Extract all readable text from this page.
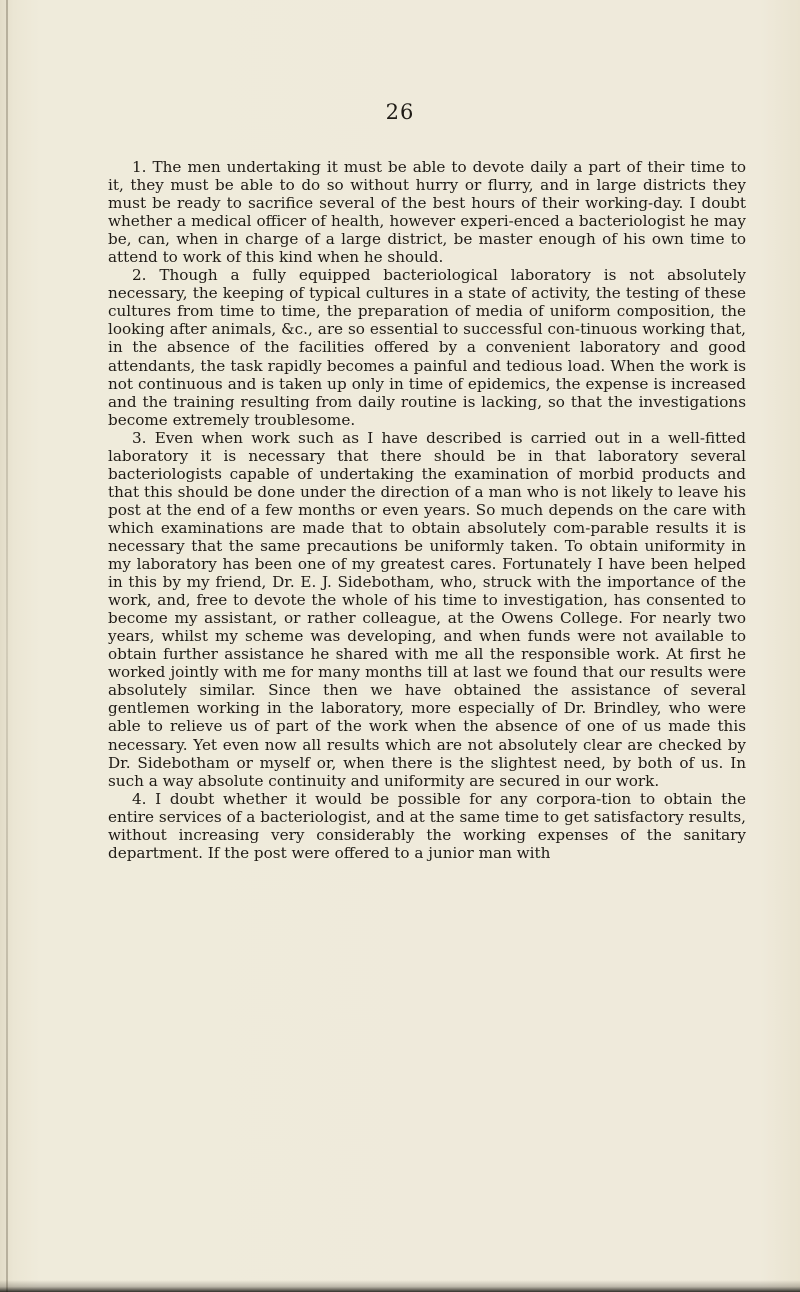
26

1. The men undertaking it must be able to devote daily a part of their time to it, they must be able to do so without hurry or flurry, and in large districts they must be ready to sacrifice several of the best hours of their working-day. I doubt whether a medical officer of health, however experi-enced a bacteriologist he may be, can, when in charge of a large district, be master enough of his own time to attend to work of this kind when he should.

2. Though a fully equipped bacteriological laboratory is not absolutely necessary, the keeping of typical cultures in a state of activity, the testing of these cultures from time to time, the preparation of media of uniform composition, the looking after animals, &c., are so essential to successful con-tinuous working that, in the absence of the facilities offered by a convenient laboratory and good attendants, the task rapidly becomes a painful and tedious load. When the work is not continuous and is taken up only in time of epidemics, the expense is increased and the training resulting from daily routine is lacking, so that the investigations become extremely troublesome.

3. Even when work such as I have described is carried out in a well-fitted laboratory it is necessary that there should be in that laboratory several bacteriologists capable of undertaking the examination of morbid products and that this should be done under the direction of a man who is not likely to leave his post at the end of a few months or even years. So much depends on the care with which examinations are made that to obtain absolutely com-parable results it is necessary that the same precautions be uniformly taken. To obtain uniformity in my laboratory has been one of my greatest cares. Fortunately I have been helped in this by my friend, Dr. E. J. Sidebotham, who, struck with the importance of the work, and, free to devote the whole of his time to investigation, has consented to become my assistant, or rather colleague, at the Owens College. For nearly two years, whilst my scheme was developing, and when funds were not available to obtain further assistance he shared with me all the responsible work. At first he worked jointly with me for many months till at last we found that our results were absolutely similar. Since then we have obtained the assistance of several gentlemen working in the laboratory, more especially of Dr. Brindley, who were able to relieve us of part of the work when the absence of one of us made this necessary. Yet even now all results which are not absolutely clear are checked by Dr. Sidebotham or myself or, when there is the slightest need, by both of us. In such a way absolute continuity and uniformity are secured in our work.

4. I doubt whether it would be possible for any corpora-tion to obtain the entire services of a bacteriologist, and at the same time to get satisfactory results, without increasing very considerably the working expenses of the sanitary department. If the post were offered to a junior man with
